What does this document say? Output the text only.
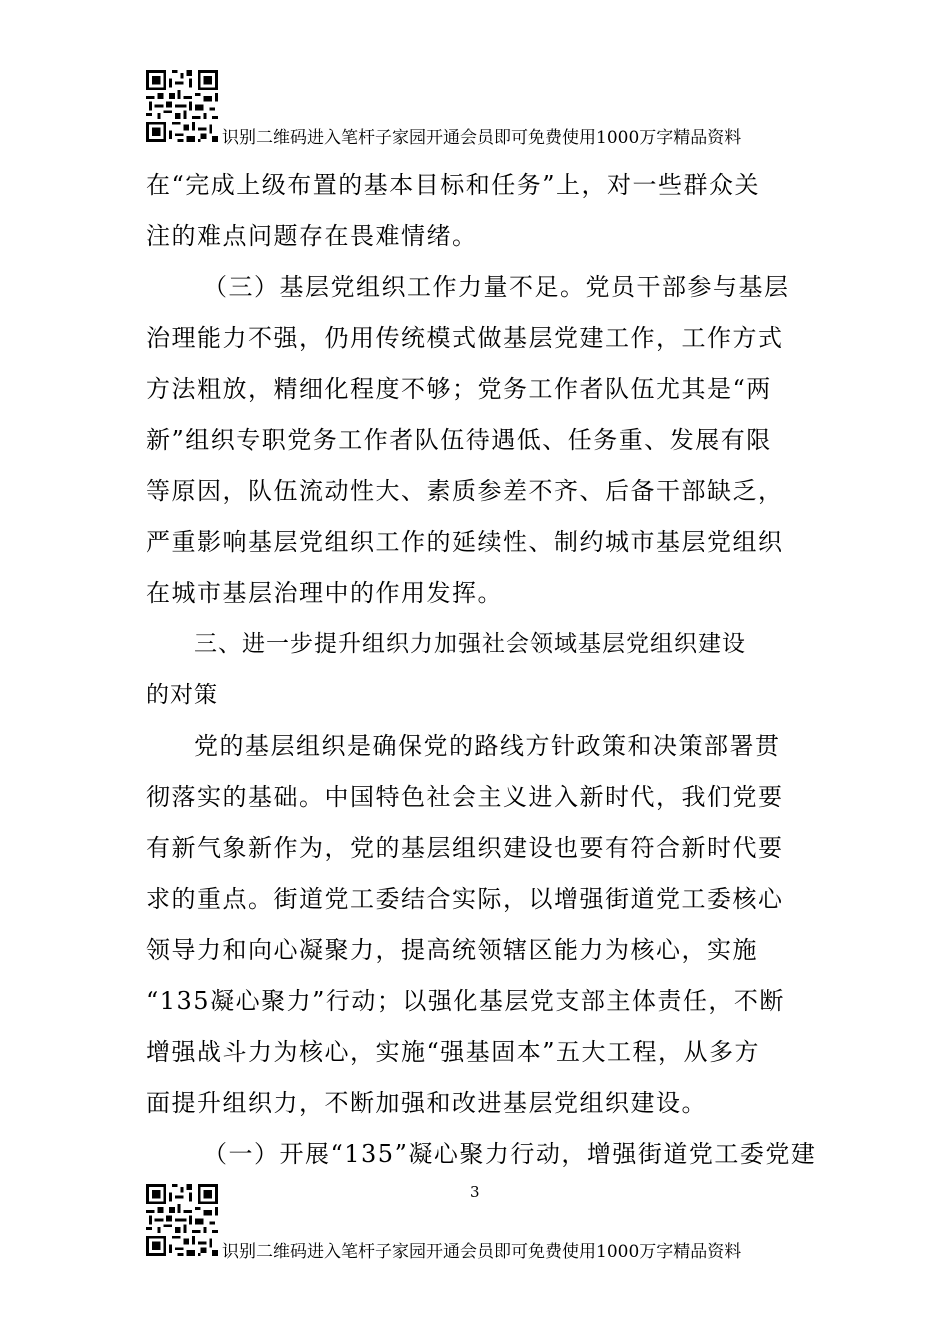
识别二维码进入笔杆子家园开通会员即可免费使用1000万字精品资料
在“完成上级布置的基本目标和任务”上，对一些群众关
注的难点问题存在畏难情绪。
（三）基层党组织工作力量不足。党员干部参与基层
治理能力不强，仍用传统模式做基层党建工作，工作方式
方法粗放，精细化程度不够；党务工作者队伍尤其是“两
新”组织专职党务工作者队伍待遇低、任务重、发展有限
等原因，队伍流动性大、素质参差不齐、后备干部缺乏，
严重影响基层党组织工作的延续性、制约城市基层党组织
在城市基层治理中的作用发挥。
三、进一步提升组织力加强社会领域基层党组织建设
的对策
党的基层组织是确保党的路线方针政策和决策部署贯
彻落实的基础。中国特色社会主义进入新时代，我们党要
有新气象新作为，党的基层组织建设也要有符合新时代要
求的重点。街道党工委结合实际，以增强街道党工委核心
领导力和向心凝聚力，提高统领辖区能力为核心，实施
“135凝心聚力”行动；以强化基层党支部主体责任，不断
增强战斗力为核心，实施“强基固本”五大工程，从多方
面提升组织力，不断加强和改进基层党组织建设。
（一）开展“135”凝心聚力行动，增强街道党工委党建
3
识别二维码进入笔杆子家园开通会员即可免费使用1000万字精品资料
